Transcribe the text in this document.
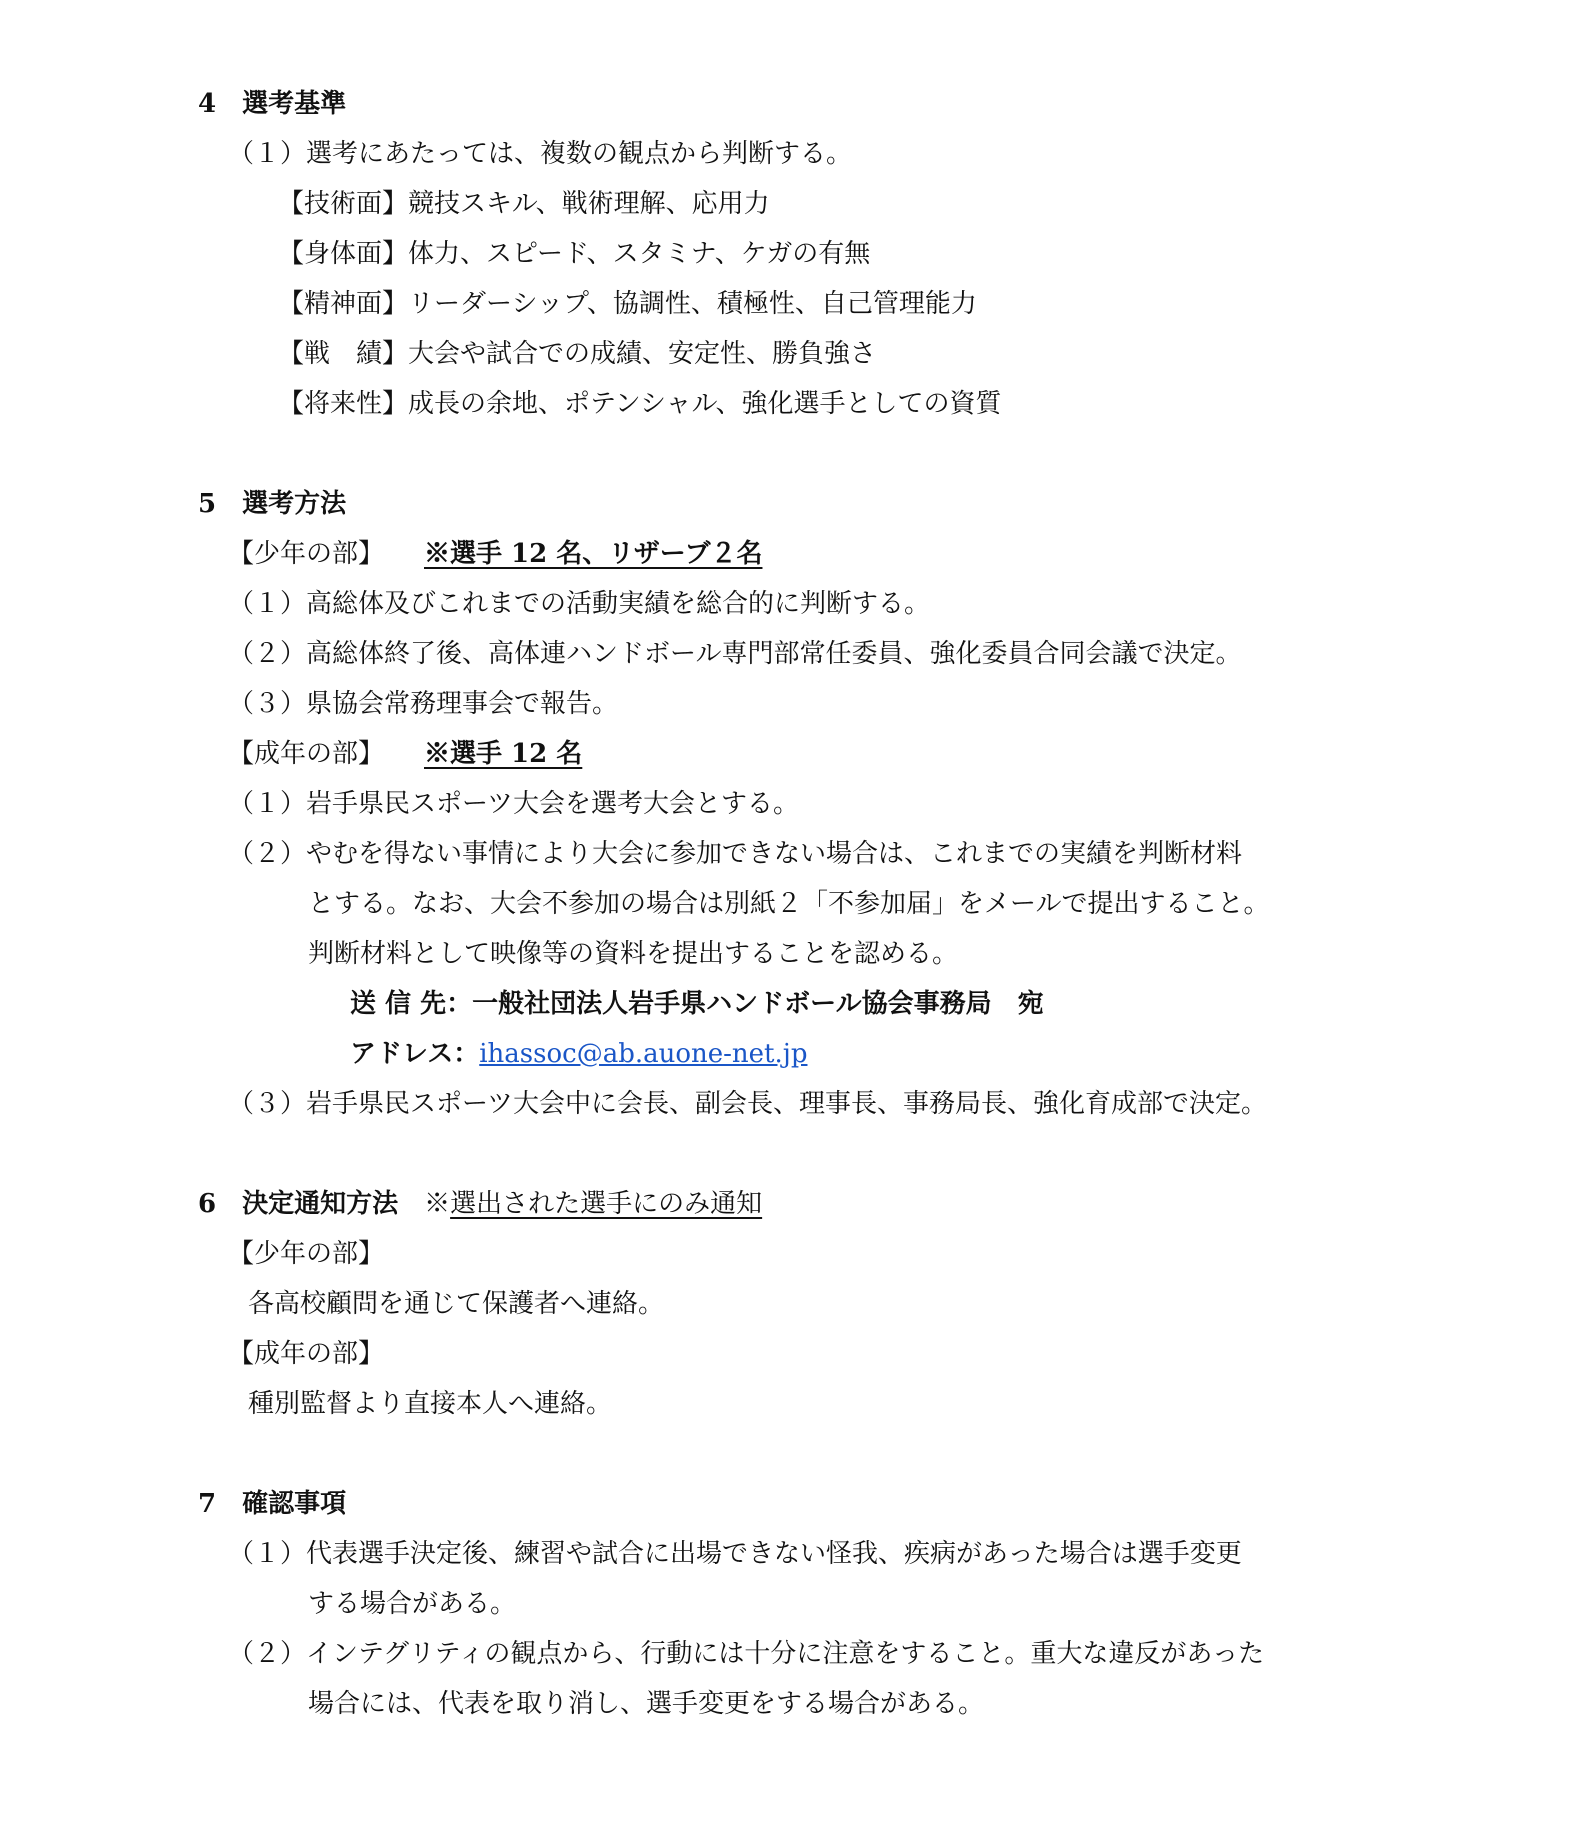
4　選考基準
（１）選考にあたっては、複数の観点から判断する。
【技術面】競技スキル、戦術理解、応用力
【身体面】体力、スピード、スタミナ、ケガの有無
【精神面】リーダーシップ、協調性、積極性、自己管理能力
【戦　績】大会や試合での成績、安定性、勝負強さ
【将来性】成長の余地、ポテンシャル、強化選手としての資質
5　選考方法
【少年の部】 ※選手 12 名、リザーブ２名
（１）高総体及びこれまでの活動実績を総合的に判断する。
（２）高総体終了後、高体連ハンドボール専門部常任委員、強化委員合同会議で決定。
（３）県協会常務理事会で報告。
【成年の部】 ※選手 12 名
（１）岩手県民スポーツ大会を選考大会とする。
（２）やむを得ない事情により大会に参加できない場合は、これまでの実績を判断材料
とする。なお、大会不参加の場合は別紙２「不参加届」をメールで提出すること。
判断材料として映像等の資料を提出することを認める。
送 信 先：一般社団法人岩手県ハンドボール協会事務局　宛
アドレス：ihassoc@ab.auone-net.jp
（３）岩手県民スポーツ大会中に会長、副会長、理事長、事務局長、強化育成部で決定。
6　決定通知方法 ※選出された選手にのみ通知
【少年の部】
各高校顧問を通じて保護者へ連絡。
【成年の部】
種別監督より直接本人へ連絡。
7　確認事項
（１）代表選手決定後、練習や試合に出場できない怪我、疾病があった場合は選手変更
する場合がある。
（２）インテグリティの観点から、行動には十分に注意をすること。重大な違反があった
場合には、代表を取り消し、選手変更をする場合がある。
